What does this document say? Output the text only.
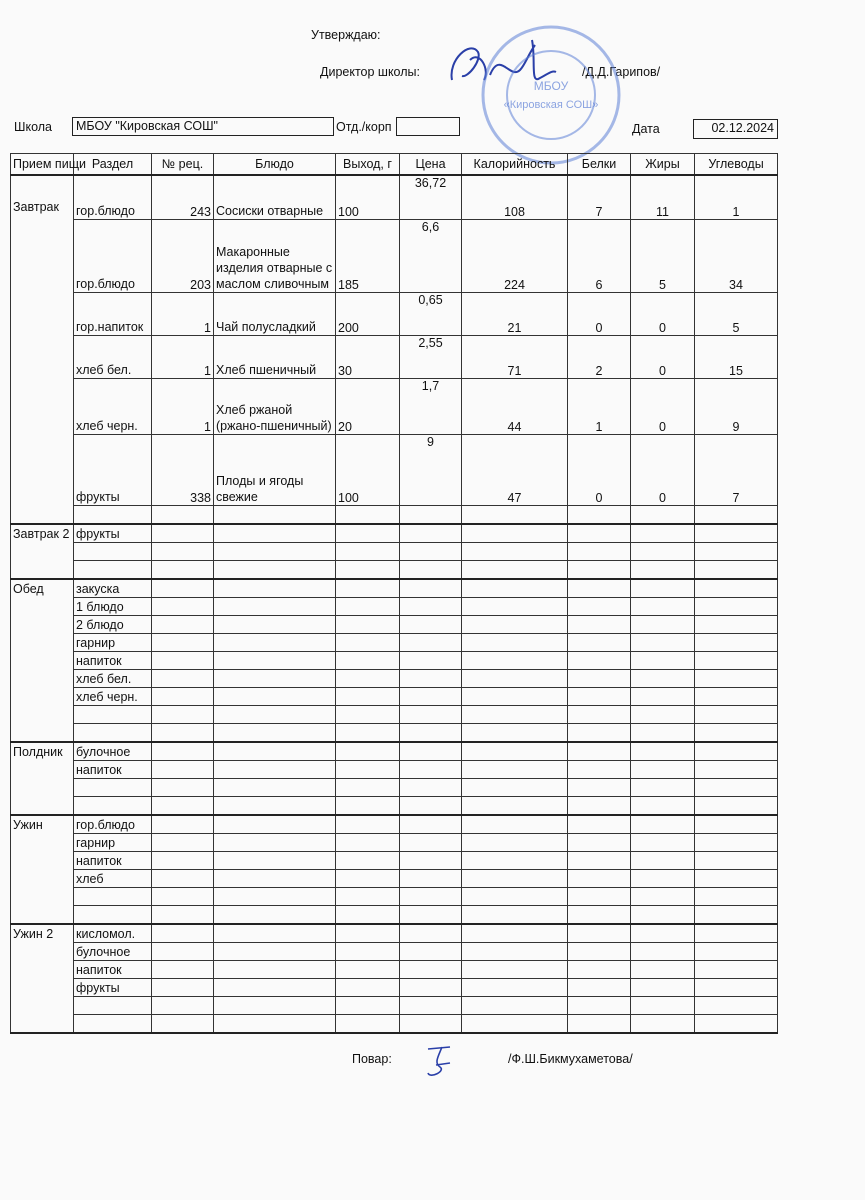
Утверждаю:
Директор школы:	/Д.Д.Гарипов/
МБОУ
«Кировская СОШ»
Школа	МБОУ "Кировская СОШ"	Отд./корп	Дата	02.12.2024
Прием пищи	Раздел	№ рец.	Блюдо	Выход, г	Цена	Калорийность	Белки	Жиры	Углеводы
Завтрак	гор.блюдо	243	Сосиски отварные	100	36,72	108	7	11	1
	гор.блюдо	203	Макаронные изделия отварные с маслом сливочным	185	6,6	224	6	5	34
	гор.напиток	1	Чай полусладкий	200	0,65	21	0	0	5
	хлеб бел.	1	Хлеб пшеничный	30	2,55	71	2	0	15
	хлеб черн.	1	Хлеб ржаной (ржано-пшеничный)	20	1,7	44	1	0	9
	фрукты	338	Плоды и ягоды свежие	100	9	47	0	0	7

Завтрак 2	фрукты								

Обед	закуска								
	1 блюдо								
	2 блюдо								
	гарнир								
	напиток								
	хлеб бел.								
	хлеб черн.								

Полдник	булочное								
	напиток								

Ужин	гор.блюдо								
	гарнир								
	напиток								
	хлеб								

Ужин 2	кисломол.								
	булочное								
	напиток								
	фрукты								

Повар:	/Ф.Ш.Бикмухаметова/
